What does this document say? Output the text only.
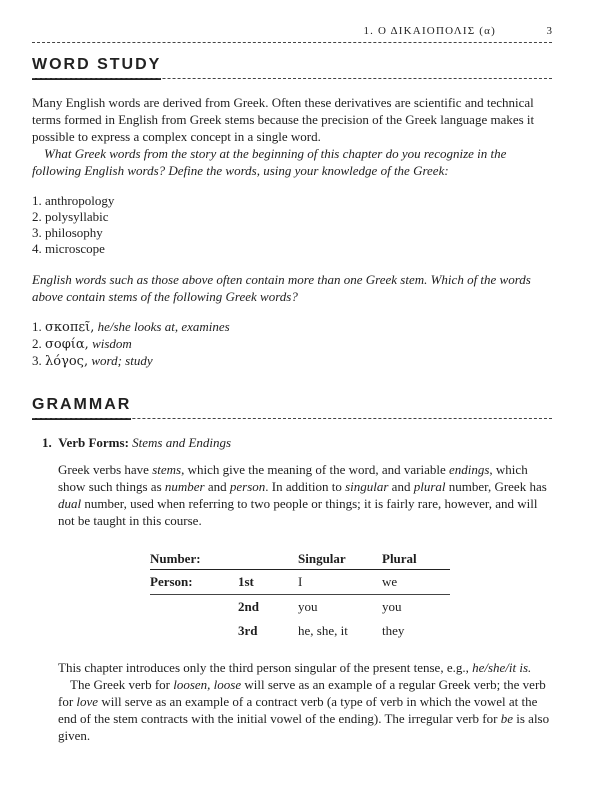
1. Ο ΔΙΚΑΙΟΠΟΛΙΣ (α)	3
WORD STUDY

Many English words are derived from Greek. Often these derivatives are scientific and technical terms formed in English from Greek stems because the precision of the Greek language makes it possible to express a complex concept in a single word.

What Greek words from the story at the beginning of this chapter do you recognize in the following English words? Define the words, using your knowledge of the Greek:

1. anthropology
2. polysyllabic
3. philosophy
4. microscope

English words such as those above often contain more than one Greek stem. Which of the words above contain stems of the following Greek words?

1. σκοπεῖ, he/she looks at, examines
2. σοφία, wisdom
3. λόγος, word; study
GRAMMAR

1. Verb Forms: Stems and Endings

Greek verbs have stems, which give the meaning of the word, and variable endings, which show such things as number and person. In addition to singular and plural number, Greek has dual number, used when referring to two people or things; it is fairly rare, however, and will not be taught in this course.

Number:		Singular	Plural
Person:	1st	I	we
	2nd	you	you
	3rd	he, she, it	they

This chapter introduces only the third person singular of the present tense, e.g., he/she/it is.

The Greek verb for loosen, loose will serve as an example of a regular Greek verb; the verb for love will serve as an example of a contract verb (a type of verb in which the vowel at the end of the stem contracts with the initial vowel of the ending). The irregular verb for be is also given.
